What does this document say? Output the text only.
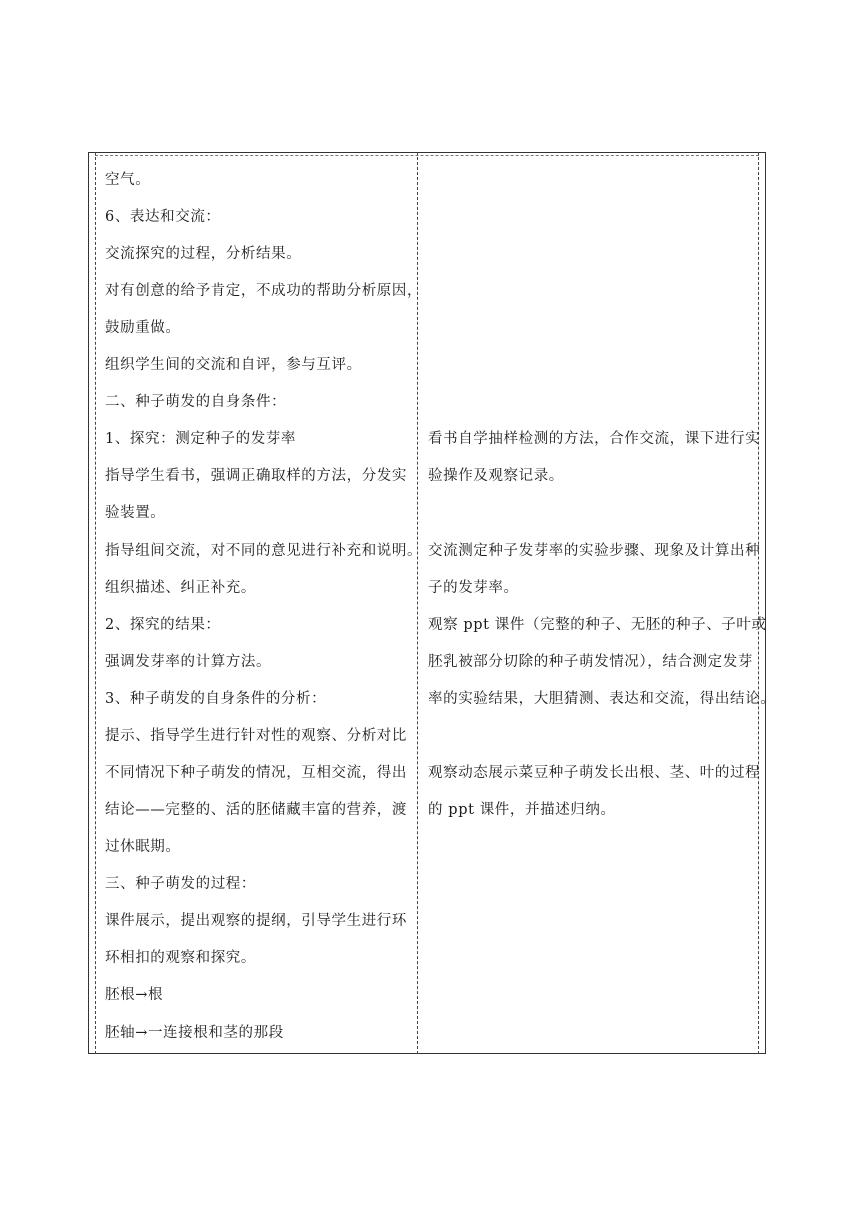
空气。
6、表达和交流：
交流探究的过程，分析结果。
对有创意的给予肯定，不成功的帮助分析原因，
鼓励重做。
组织学生间的交流和自评，参与互评。
二、种子萌发的自身条件：
1、探究：测定种子的发芽率
指导学生看书，强调正确取样的方法，分发实
验装置。
指导组间交流，对不同的意见进行补充和说明。
组织描述、纠正补充。
2、探究的结果：
强调发芽率的计算方法。
3、种子萌发的自身条件的分析：
提示、指导学生进行针对性的观察、分析对比
不同情况下种子萌发的情况，互相交流，得出
结论——完整的、活的胚储藏丰富的营养，渡
过休眠期。
三、种子萌发的过程：
课件展示，提出观察的提纲，引导学生进行环
环相扣的观察和探究。
胚根→根
胚轴→一连接根和茎的那段
看书自学抽样检测的方法，合作交流，课下进行实
验操作及观察记录。
交流测定种子发芽率的实验步骤、现象及计算出种
子的发芽率。
观察 ppt 课件（完整的种子、无胚的种子、子叶或
胚乳被部分切除的种子萌发情况），结合测定发芽
率的实验结果，大胆猜测、表达和交流，得出结论。
观察动态展示菜豆种子萌发长出根、茎、叶的过程
的 ppt 课件，并描述归纳。
